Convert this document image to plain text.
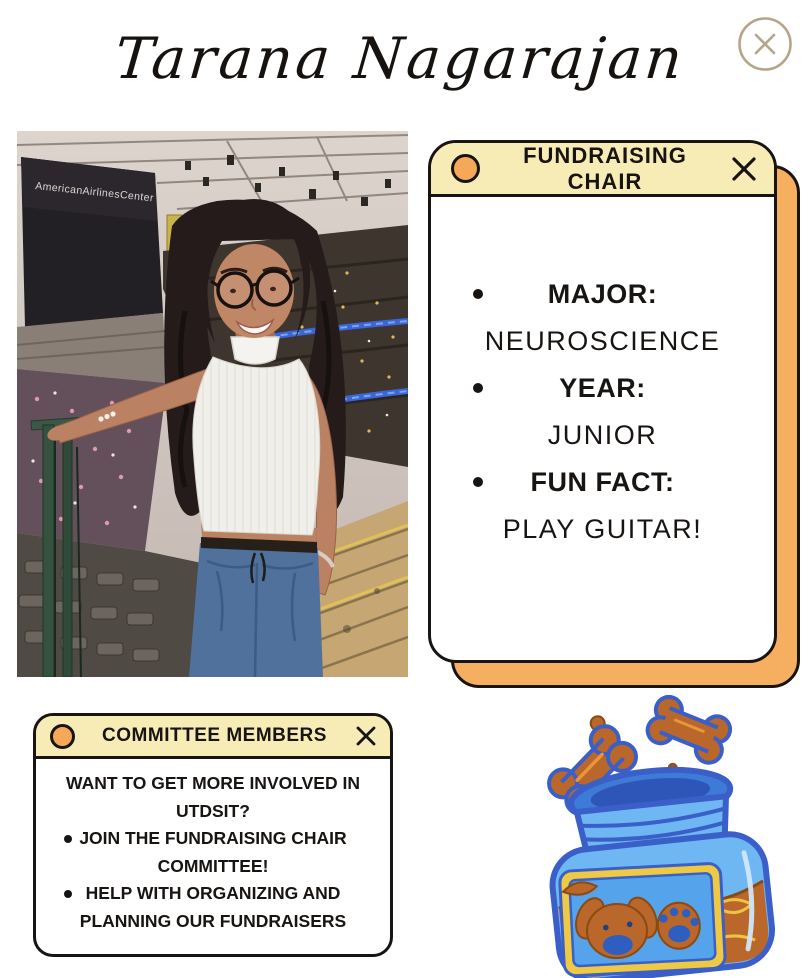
Tarana Nagarajan
AmericanAirlinesCenter
FUNDRAISING CHAIR
MAJOR:
NEUROSCIENCE
YEAR:
JUNIOR
FUN FACT:
PLAY GUITAR!
COMMITTEE MEMBERS
WANT TO GET MORE INVOLVED IN UTDSIT?
JOIN THE FUNDRAISING CHAIR COMMITTEE!
HELP WITH ORGANIZING AND PLANNING OUR FUNDRAISERS
